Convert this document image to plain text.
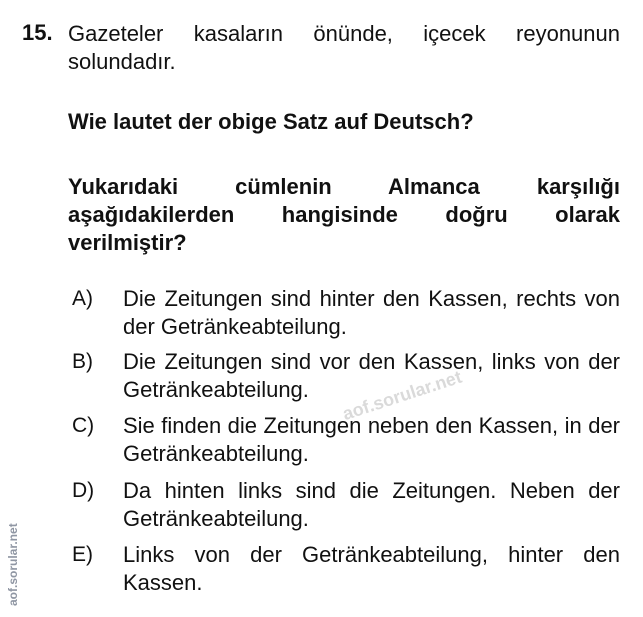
15. Gazeteler kasaların önünde, içecek reyonunun solundadır.
Wie lautet der obige Satz auf Deutsch?
Yukarıdaki cümlenin Almanca karşılığı
aşağıdakilerden hangisinde doğru olarak
verilmiştir?
A) Die Zeitungen sind hinter den Kassen, rechts von der Getränkeabteilung.
B) Die Zeitungen sind vor den Kassen, links von der Getränkeabteilung.
C) Sie finden die Zeitungen neben den Kassen, in der Getränkeabteilung.
D) Da hinten links sind die Zeitungen. Neben der Getränkeabteilung.
E) Links von der Getränkeabteilung, hinter den Kassen.
aof.sorular.net
aof.sorular.net
